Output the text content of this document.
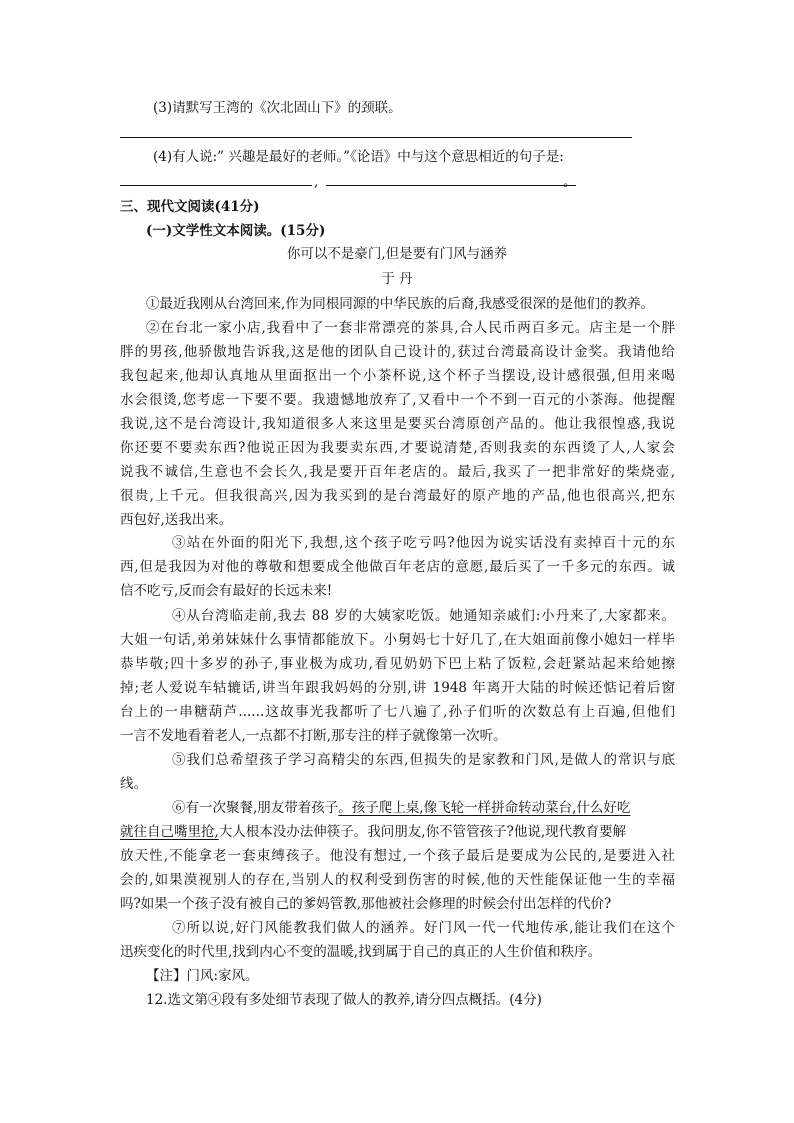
(3)请默写王湾的《次北固山下》的颈联。
(4)有人说:” 兴趣是最好的老师。”《论语》中与这个意思相近的句子是:
,	。
三、现代文阅读(41分)
(一)文学性文本阅读。(15分)
你可以不是豪门,但是要有门风与涵养
于 丹
①最近我刚从台湾回来,作为同根同源的中华民族的后裔,我感受很深的是他们的教养。
②在台北一家小店,我看中了一套非常漂亮的茶具,合人民币两百多元。店主是一个胖
胖的男孩,他骄傲地告诉我,这是他的团队自己设计的,获过台湾最高设计金奖。我请他给
我包起来,他却认真地从里面抠出一个小茶杯说,这个杯子当摆设,设计感很强,但用来喝
水会很烫,您考虑一下要不要。我遗憾地放弃了,又看中一个不到一百元的小茶海。他提醒
我说,这不是台湾设计,我知道很多人来这里是要买台湾原创产品的。他让我很惶惑,我说
你还要不要卖东西?他说正因为我要卖东西,才要说清楚,否则我卖的东西烫了人,人家会
说我不诚信,生意也不会长久,我是要开百年老店的。最后,我买了一把非常好的柴烧壶,
很贵,上千元。但我很高兴,因为我买到的是台湾最好的原产地的产品,他也很高兴,把东
西包好,送我出来。
③站在外面的阳光下,我想,这个孩子吃亏吗?他因为说实话没有卖掉百十元的东
西,但是我因为对他的尊敬和想要成全他做百年老店的意愿,最后买了一千多元的东西。诚
信不吃亏,反而会有最好的长远未来!
④从台湾临走前,我去 88 岁的大姨家吃饭。她通知亲戚们:小丹来了,大家都来。
大姐一句话,弟弟妹妹什么事情都能放下。小舅妈七十好几了,在大姐面前像小媳妇一样毕
恭毕敬;四十多岁的孙子,事业极为成功,看见奶奶下巴上粘了饭粒,会赶紧站起来给她擦
掉;老人爱说车轱辘话,讲当年跟我妈妈的分别,讲 1948 年离开大陆的时候还惦记着后窗
台上的一串糖葫芦......这故事光我都听了七八遍了,孙子们听的次数总有上百遍,但他们
一言不发地看着老人,一点都不打断,那专注的样子就像第一次听。
⑤我们总希望孩子学习高精尖的东西,但损失的是家教和门风,是做人的常识与底
线。
⑥有一次聚餐,朋友带着孩子。孩子爬上桌,像飞轮一样拼命转动菜台,什么好吃
就往自己嘴里抢,大人根本没办法伸筷子。我问朋友,你不管管孩子?他说,现代教育要解
放天性,不能拿老一套束缚孩子。他没有想过,一个孩子最后是要成为公民的,是要进入社
会的,如果漠视别人的存在,当别人的权利受到伤害的时候,他的天性能保证他一生的幸福
吗?如果一个孩子没有被自己的爹妈管教,那他被社会修理的时候会付出怎样的代价?
⑦所以说,好门风能教我们做人的涵养。好门风一代一代地传承,能让我们在这个
迅疾变化的时代里,找到内心不变的温暖,找到属于自己的真正的人生价值和秩序。
【注】门风:家风。
12.选文第④段有多处细节表现了做人的教养,请分四点概括。(4分)
